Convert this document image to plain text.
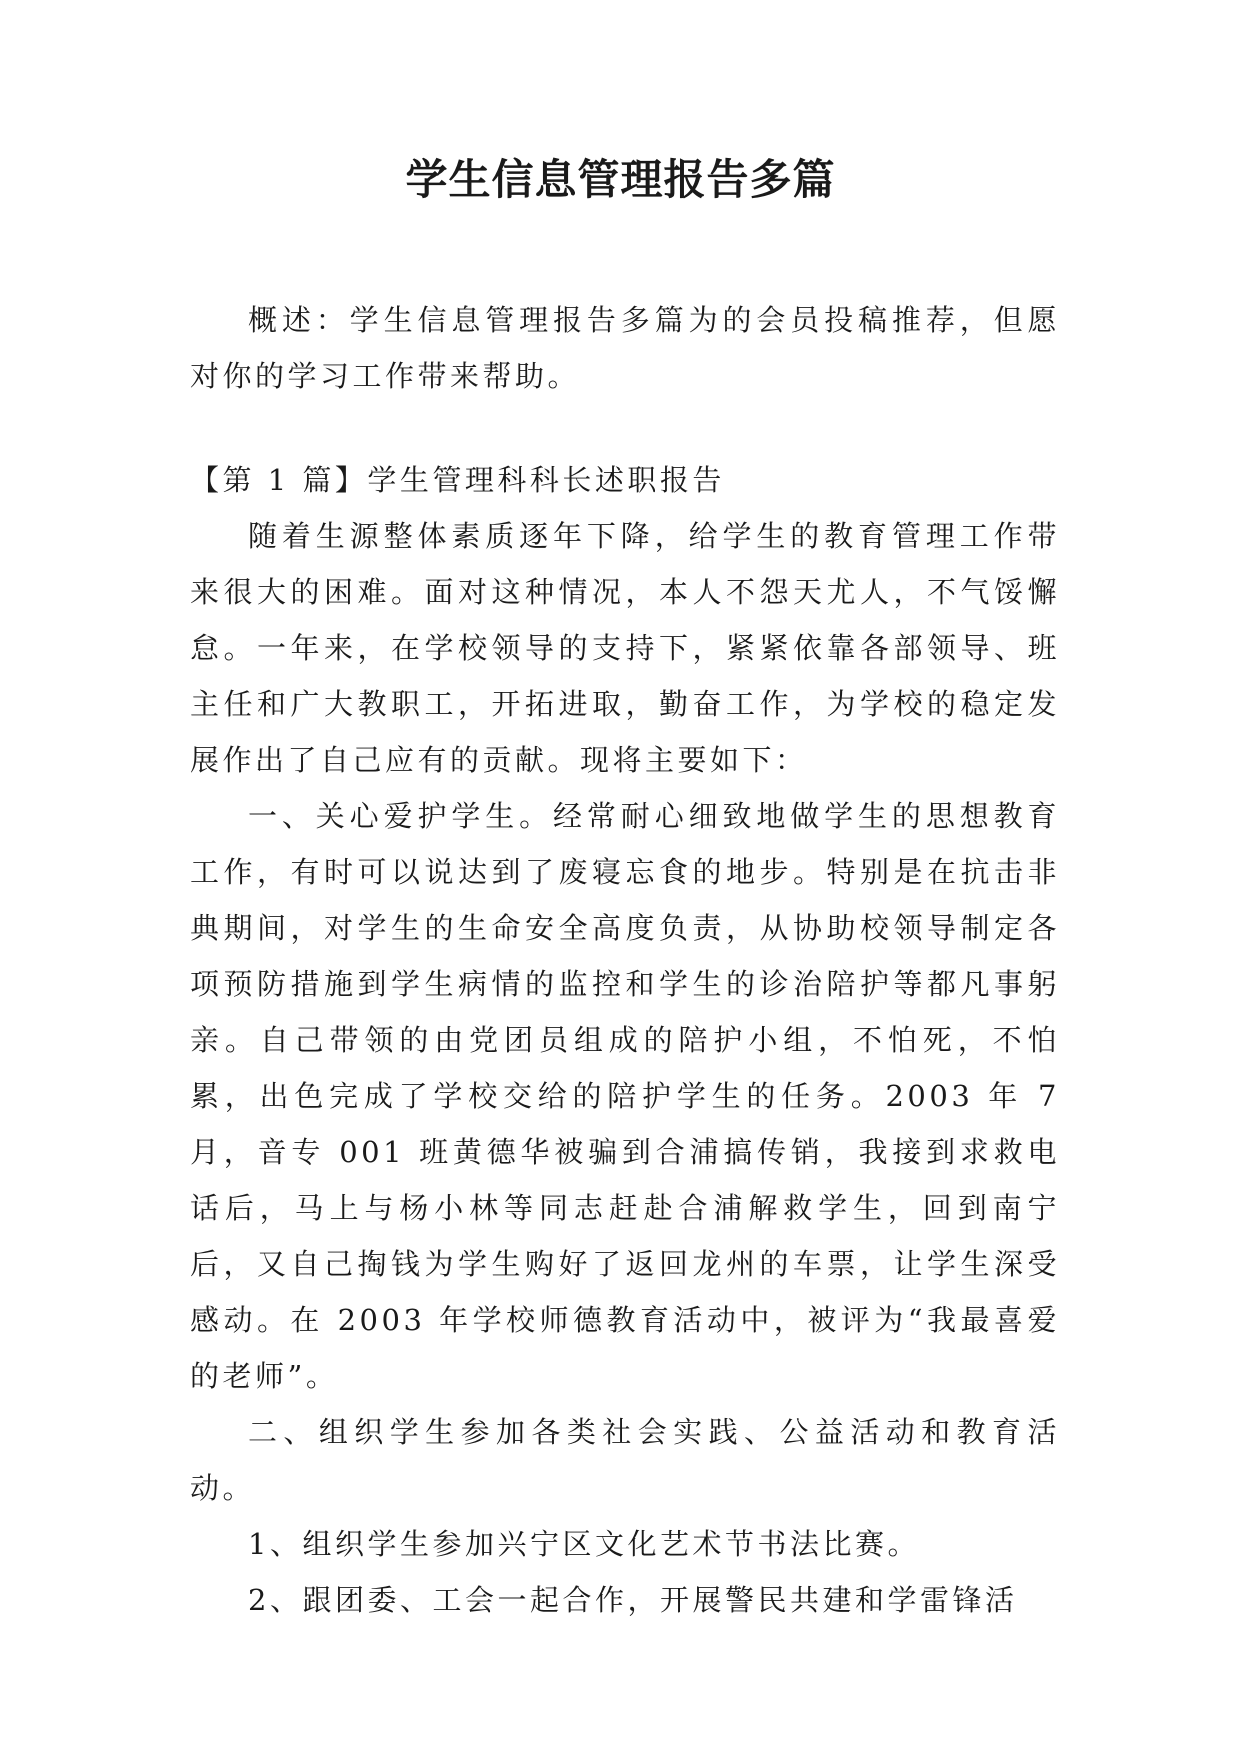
学生信息管理报告多篇

概述：学生信息管理报告多篇为的会员投稿推荐，但愿对你的学习工作带来帮助。

【第 1 篇】学生管理科科长述职报告

随着生源整体素质逐年下降，给学生的教育管理工作带来很大的困难。面对这种情况，本人不怨天尤人，不气馁懈怠。一年来，在学校领导的支持下，紧紧依靠各部领导、班主任和广大教职工，开拓进取，勤奋工作，为学校的稳定发展作出了自己应有的贡献。现将主要如下：

一、关心爱护学生。经常耐心细致地做学生的思想教育工作，有时可以说达到了废寝忘食的地步。特别是在抗击非典期间，对学生的生命安全高度负责，从协助校领导制定各项预防措施到学生病情的监控和学生的诊治陪护等都凡事躬亲。自己带领的由党团员组成的陪护小组，不怕死，不怕累，出色完成了学校交给的陪护学生的任务。2003 年 7 月，音专 001 班黄德华被骗到合浦搞传销，我接到求救电话后，马上与杨小林等同志赶赴合浦解救学生，回到南宁后，又自己掏钱为学生购好了返回龙州的车票，让学生深受感动。在 2003 年学校师德教育活动中，被评为“我最喜爱的老师”。

二、组织学生参加各类社会实践、公益活动和教育活动。

1、组织学生参加兴宁区文化艺术节书法比赛。

2、跟团委、工会一起合作，开展警民共建和学雷锋活
